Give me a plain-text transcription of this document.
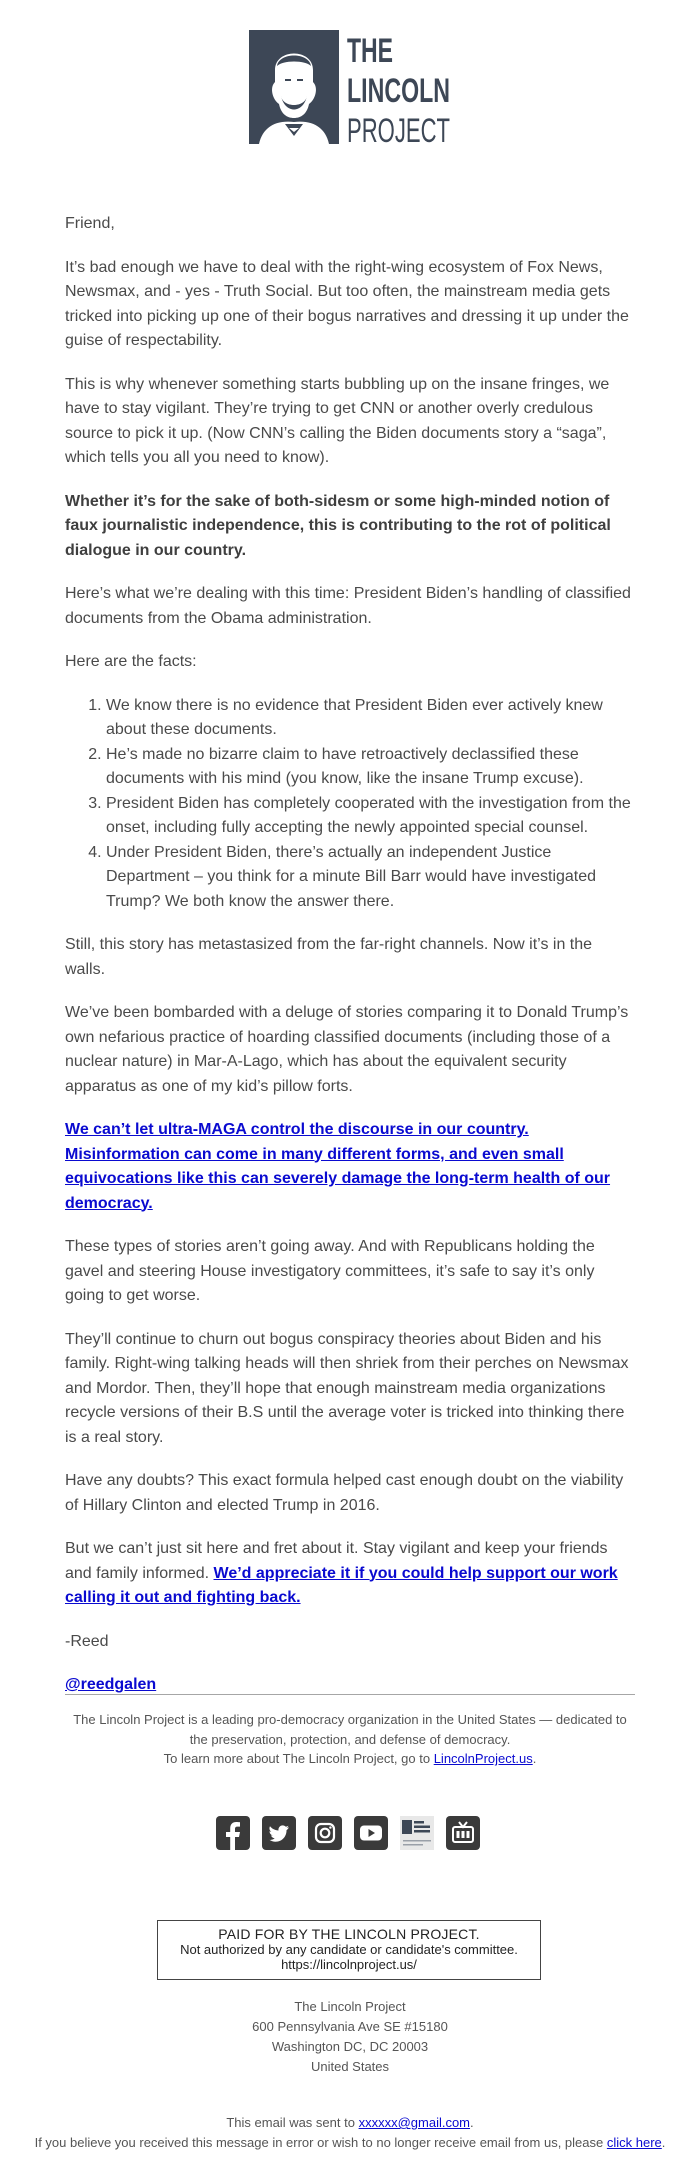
THE
LINCOLN
PROJECT

Friend,

It’s bad enough we have to deal with the right-wing ecosystem of Fox News, Newsmax, and - yes - Truth Social. But too often, the mainstream media gets tricked into picking up one of their bogus narratives and dressing it up under the guise of respectability.

This is why whenever something starts bubbling up on the insane fringes, we have to stay vigilant. They’re trying to get CNN or another overly credulous source to pick it up. (Now CNN’s calling the Biden documents story a “saga”, which tells you all you need to know).

Whether it’s for the sake of both-sidesm or some high-minded notion of faux journalistic independence, this is contributing to the rot of political dialogue in our country.

Here’s what we’re dealing with this time: President Biden’s handling of classified documents from the Obama administration.

Here are the facts:

1. We know there is no evidence that President Biden ever actively knew about these documents.
2. He’s made no bizarre claim to have retroactively declassified these documents with his mind (you know, like the insane Trump excuse).
3. President Biden has completely cooperated with the investigation from the onset, including fully accepting the newly appointed special counsel.
4. Under President Biden, there’s actually an independent Justice Department – you think for a minute Bill Barr would have investigated Trump? We both know the answer there.

Still, this story has metastasized from the far-right channels. Now it’s in the walls.

We’ve been bombarded with a deluge of stories comparing it to Donald Trump’s own nefarious practice of hoarding classified documents (including those of a nuclear nature) in Mar-A-Lago, which has about the equivalent security apparatus as one of my kid’s pillow forts.

We can’t let ultra-MAGA control the discourse in our country. Misinformation can come in many different forms, and even small equivocations like this can severely damage the long-term health of our democracy.

These types of stories aren’t going away. And with Republicans holding the gavel and steering House investigatory committees, it’s safe to say it’s only going to get worse.

They’ll continue to churn out bogus conspiracy theories about Biden and his family. Right-wing talking heads will then shriek from their perches on Newsmax and Mordor. Then, they’ll hope that enough mainstream media organizations recycle versions of their B.S until the average voter is tricked into thinking there is a real story.

Have any doubts? This exact formula helped cast enough doubt on the viability of Hillary Clinton and elected Trump in 2016.

But we can’t just sit here and fret about it. Stay vigilant and keep your friends and family informed. We’d appreciate it if you could help support our work calling it out and fighting back.

-Reed

@reedgalen

The Lincoln Project is a leading pro-democracy organization in the United States — dedicated to the preservation, protection, and defense of democracy.
To learn more about The Lincoln Project, go to LincolnProject.us.
PAID FOR BY THE LINCOLN PROJECT.
Not authorized by any candidate or candidate's committee.
https://lincolnproject.us/
The Lincoln Project
600 Pennsylvania Ave SE #15180
Washington DC, DC 20003
United States
This email was sent to xxxxxx@gmail.com.
If you believe you received this message in error or wish to no longer receive email from us, please click here.
